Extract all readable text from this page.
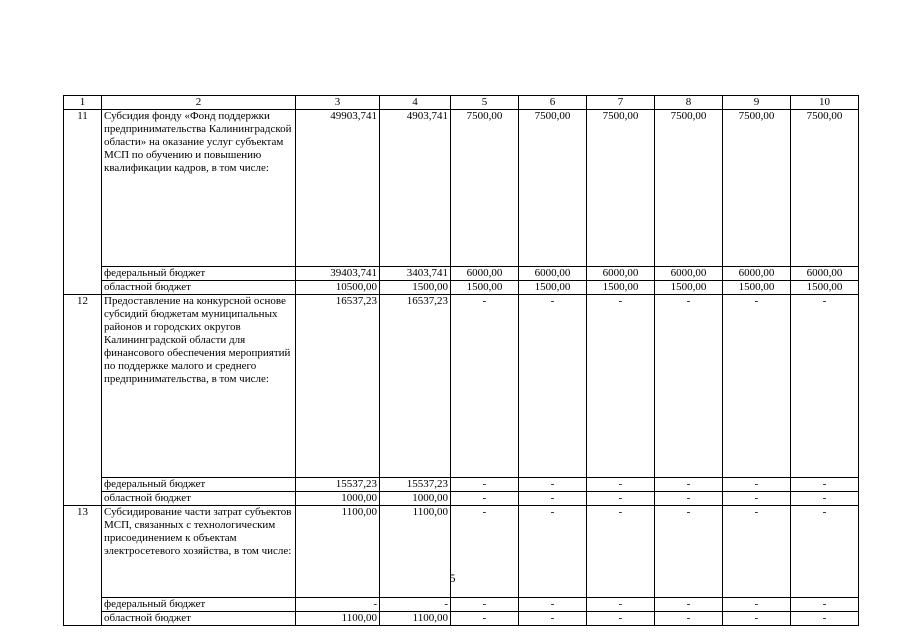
1	2	3	4	5	6	7	8	9	10
11	Субсидия фонду «Фонд поддержки предпринимательства Калининградской области» на оказание услуг субъектам МСП по обучению и повышению квалификации кадров, в том числе:	49903,741	4903,741	7500,00	7500,00	7500,00	7500,00	7500,00	7500,00
	федеральный бюджет	39403,741	3403,741	6000,00	6000,00	6000,00	6000,00	6000,00	6000,00
	областной бюджет	10500,00	1500,00	1500,00	1500,00	1500,00	1500,00	1500,00	1500,00
12	Предоставление на конкурсной основе субсидий бюджетам муниципальных районов и городских округов Калининградской области для финансового обеспечения мероприятий по поддержке малого и среднего предпринимательства, в том числе:	16537,23	16537,23	-	-	-	-	-	-
	федеральный бюджет	15537,23	15537,23	-	-	-	-	-	-
	областной бюджет	1000,00	1000,00	-	-	-	-	-	-
13	Субсидирование части затрат субъектов МСП, связанных с технологическим присоединением к объектам электросетевого хозяйства, в том числе:	1100,00	1100,00	-	-	-	-	-	-
	федеральный бюджет	-	-	-	-	-	-	-	-
	областной бюджет	1100,00	1100,00	-	-	-	-	-	-
5
